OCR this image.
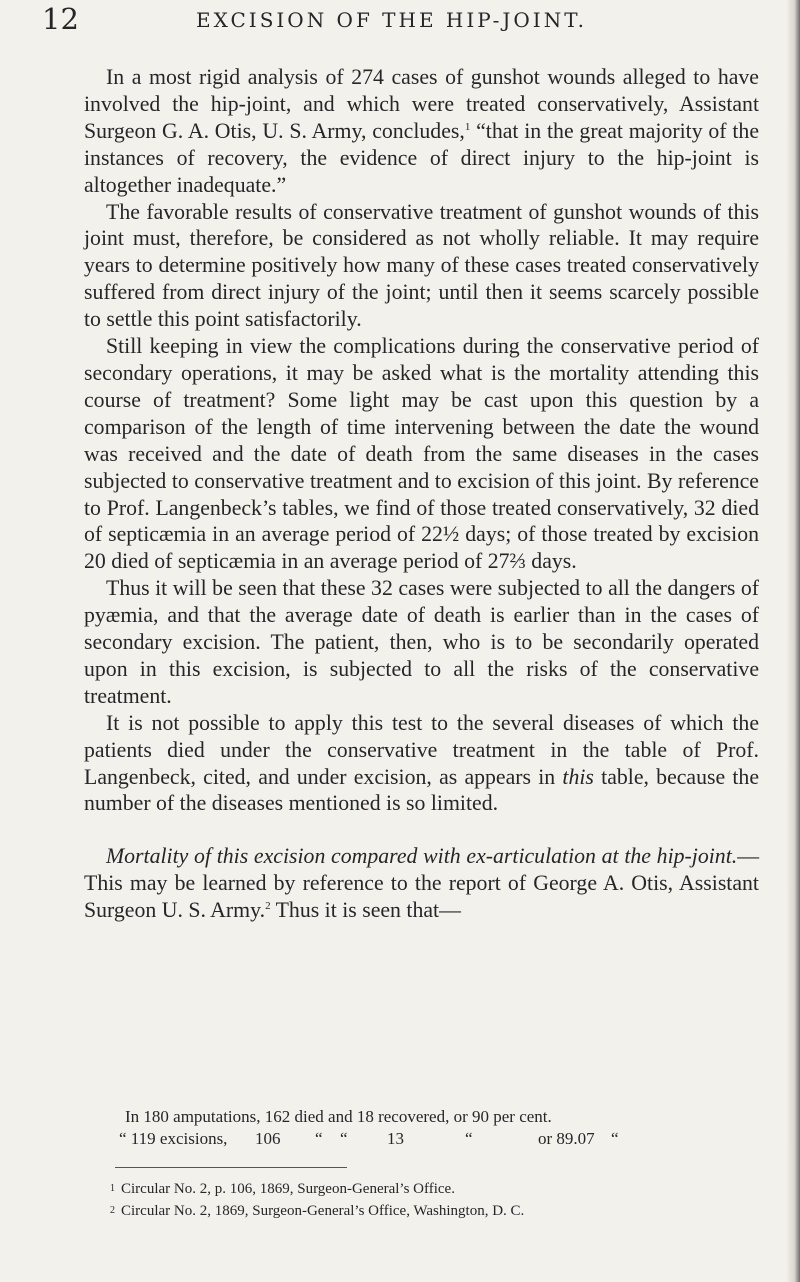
12	EXCISION OF THE HIP-JOINT.

In a most rigid analysis of 274 cases of gunshot wounds alleged to have involved the hip-joint, and which were treated conservatively, Assistant Surgeon G. A. Otis, U. S. Army, concludes,$^1$ “that in the great majority of the instances of recovery, the evidence of direct injury to the hip-joint is altogether inadequate.”

The favorable results of conservative treatment of gunshot wounds of this joint must, therefore, be considered as not wholly reliable. It may require years to determine positively how many of these cases treated conservatively suffered from direct injury of the joint; until then it seems scarcely possible to settle this point satisfactorily.

Still keeping in view the complications during the conservative period of secondary operations, it may be asked what is the mortality attending this course of treatment? Some light may be cast upon this question by a comparison of the length of time intervening between the date the wound was received and the date of death from the same diseases in the cases subjected to conservative treatment and to excision of this joint. By reference to Prof. Langenbeck’s tables, we find of those treated conservatively, 32 died of septicæmia in an average period of 22½ days; of those treated by excision 20 died of septicæmia in an average period of 27⅔ days.

Thus it will be seen that these 32 cases were subjected to all the dangers of pyæmia, and that the average date of death is earlier than in the cases of secondary excision. The patient, then, who is to be secondarily operated upon in this excision, is subjected to all the risks of the conservative treatment.

It is not possible to apply this test to the several diseases of which the patients died under the conservative treatment in the table of Prof. Langenbeck, cited, and under excision, as appears in this table, because the number of the diseases mentioned is so limited.

Mortality of this excision compared with ex-articulation at the hip-joint.—This may be learned by reference to the report of George A. Otis, Assistant Surgeon U. S. Army.$^2$ Thus it is seen that—

In 180 amputations, 162 died and 18 recovered, or 90 per cent.
“ 119 excisions, 106 “ “ 13	“	or 89.07 “
1 Circular No. 2, p. 106, 1869, Surgeon-General’s Office.
2 Circular No. 2, 1869, Surgeon-General’s Office, Washington, D. C.
